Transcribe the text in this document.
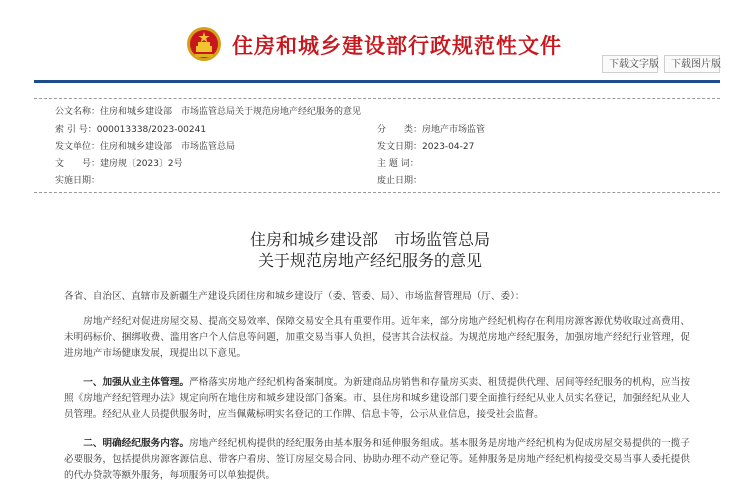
住房和城乡建设部行政规范性文件
下载文字版	下载图片版
公文名称：住房和城乡建设部　市场监管总局关于规范房地产经纪服务的意见
索 引 号：000013338/2023-00241	分　　类：房地产市场监管
发文单位：住房和城乡建设部　市场监管总局	发文日期：2023-04-27
文　　号：建房规〔2023〕2号	主 题 词：
实施日期：	废止日期：
住房和城乡建设部　市场监管总局
关于规范房地产经纪服务的意见
各省、自治区、直辖市及新疆生产建设兵团住房和城乡建设厅（委、管委、局）、市场监督管理局（厅、委）：
房地产经纪对促进房屋交易、提高交易效率、保障交易安全具有重要作用。近年来，部分房地产经纪机构存在利用房源客源优势收取过高费用、未明码标价、捆绑收费、滥用客户个人信息等问题，加重交易当事人负担，侵害其合法权益。为规范房地产经纪服务，加强房地产经纪行业管理，促进房地产市场健康发展，现提出以下意见。
一、加强从业主体管理。严格落实房地产经纪机构备案制度。为新建商品房销售和存量房买卖、租赁提供代理、居间等经纪服务的机构，应当按照《房地产经纪管理办法》规定向所在地住房和城乡建设部门备案。市、县住房和城乡建设部门要全面推行经纪从业人员实名登记，加强经纪从业人员管理。经纪从业人员提供服务时，应当佩戴标明实名登记的工作牌、信息卡等，公示从业信息，接受社会监督。
二、明确经纪服务内容。房地产经纪机构提供的经纪服务由基本服务和延伸服务组成。基本服务是房地产经纪机构为促成房屋交易提供的一揽子必要服务，包括提供房源客源信息、带客户看房、签订房屋交易合同、协助办理不动产登记等。延伸服务是房地产经纪机构接受交易当事人委托提供的代办贷款等额外服务，每项服务可以单独提供。
